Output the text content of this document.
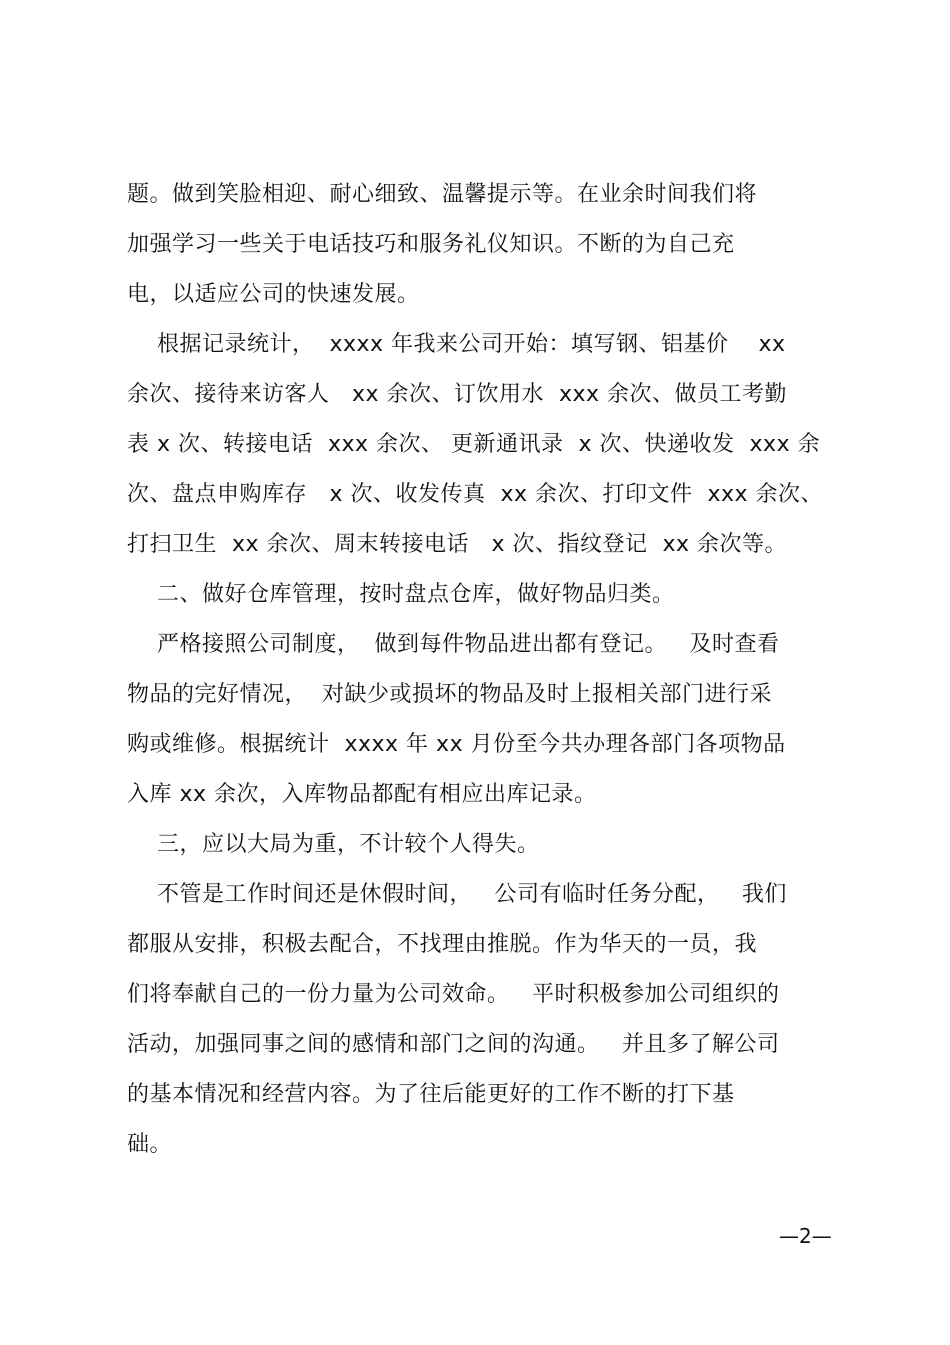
题。做到笑脸相迎、耐心细致、温馨提示等。在业余时间我们将
加强学习一些关于电话技巧和服务礼仪知识。不断的为自己充
电，以适应公司的快速发展。
根据记录统计，  xxxx 年我来公司开始：填写钢、铝基价    xx
余次、接待来访客人   xx 余次、订饮用水  xxx 余次、做员工考勤
表 x 次、转接电话  xxx 余次、 更新通讯录  x 次、快递收发  xxx 余
次、盘点申购库存   x 次、收发传真  xx 余次、打印文件  xxx 余次、
打扫卫生  xx 余次、周末转接电话   x 次、指纹登记  xx 余次等。
二、做好仓库管理，按时盘点仓库，做好物品归类。
严格接照公司制度，  做到每件物品进出都有登记。   及时查看
物品的完好情况，  对缺少或损坏的物品及时上报相关部门进行采
购或维修。根据统计  xxxx 年 xx 月份至今共办理各部门各项物品
入库 xx 余次，入库物品都配有相应出库记录。
三，应以大局为重，不计较个人得失。
不管是工作时间还是休假时间，   公司有临时任务分配，   我们
都服从安排，积极去配合，不找理由推脱。作为华天的一员，我
们将奉献自己的一份力量为公司效命。   平时积极参加公司组织的
活动，加强同事之间的感情和部门之间的沟通。   并且多了解公司
的基本情况和经营内容。为了往后能更好的工作不断的打下基
础。
—2—
